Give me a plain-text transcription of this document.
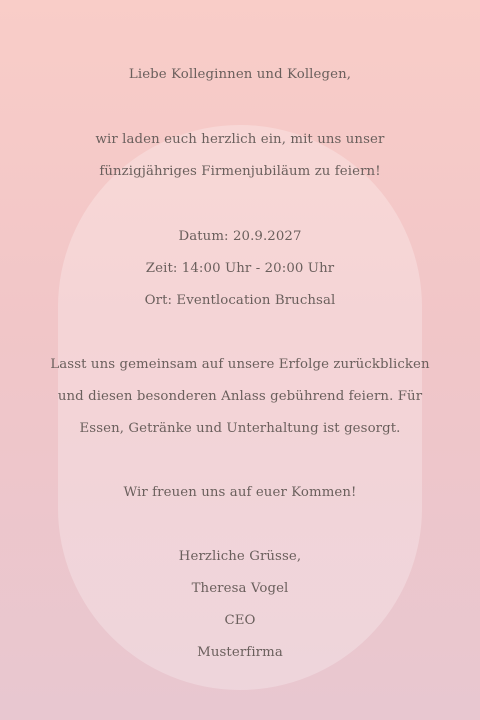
Liebe Kolleginnen und Kollegen,
wir laden euch herzlich ein, mit uns unser
fünzigjähriges Firmenjubiläum zu feiern!
Datum: 20.9.2027
Zeit: 14:00 Uhr - 20:00 Uhr
Ort: Eventlocation Bruchsal
Lasst uns gemeinsam auf unsere Erfolge zurückblicken
und diesen besonderen Anlass gebührend feiern. Für
Essen, Getränke und Unterhaltung ist gesorgt.
Wir freuen uns auf euer Kommen!
Herzliche Grüsse,
Theresa Vogel
CEO
Musterfirma
